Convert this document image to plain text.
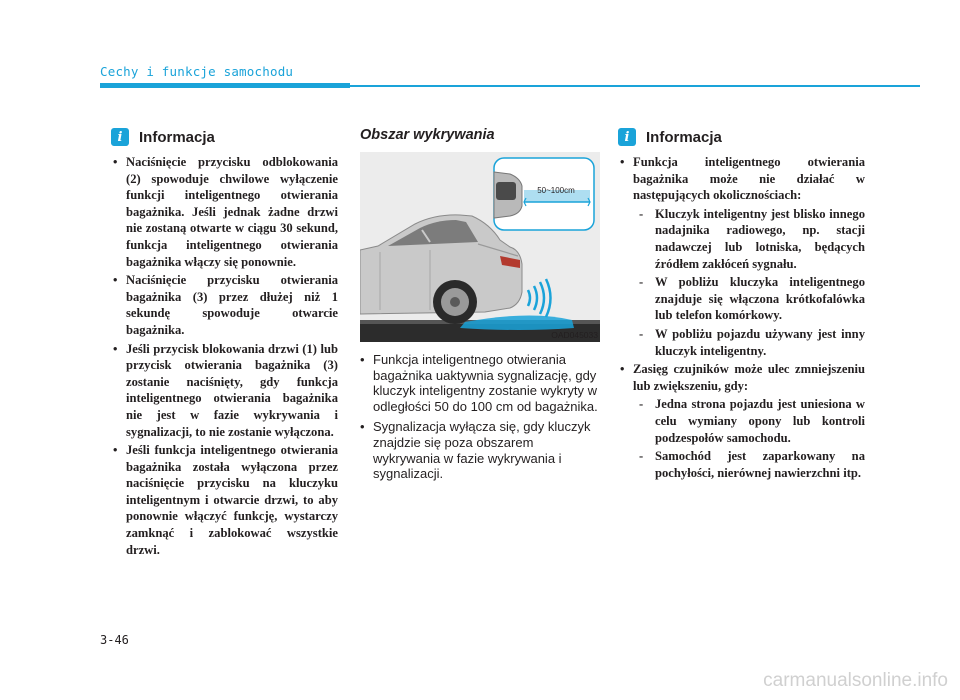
Cechy i funkcje samochodu
i	Informacja
• Naciśnięcie przycisku odblokowania (2) spowoduje chwilowe wyłączenie funkcji inteligentnego otwierania bagażnika. Jeśli jednak żadne drzwi nie zostaną otwarte w ciągu 30 sekund, funkcja inteligentnego otwierania bagażnika włączy się ponownie.
• Naciśnięcie przycisku otwierania bagażnika (3) przez dłużej niż 1 sekundę spowoduje otwarcie bagażnika.
• Jeśli przycisk blokowania drzwi (1) lub przycisk otwierania bagażnika (3) zostanie naciśnięty, gdy funkcja inteligentnego otwierania bagażnika nie jest w fazie wykrywania i sygnalizacji, to nie zostanie wyłączona.
• Jeśli funkcja inteligentnego otwierania bagażnika została wyłączona przez naciśnięcie przycisku na kluczyku inteligentnym i otwarcie drzwi, to aby ponownie włączyć funkcję, wystarczy zamknąć i zablokować wszystkie drzwi.
Obszar wykrywania
50~100cm
OAD045033
• Funkcja inteligentnego otwierania bagażnika uaktywnia sygnalizację, gdy kluczyk inteligentny zostanie wykryty w odległości 50 do 100 cm od bagażnika.
• Sygnalizacja wyłącza się, gdy kluczyk znajdzie się poza obszarem wykrywania w fazie wykrywania i sygnalizacji.
i	Informacja
• Funkcja inteligentnego otwierania bagażnika może nie działać w następujących okolicznościach:
- Kluczyk inteligentny jest blisko innego nadajnika radiowego, np. stacji nadawczej lub lotniska, będących źródłem zakłóceń sygnału.
- W pobliżu kluczyka inteligentnego znajduje się włączona krótkofalówka lub telefon komórkowy.
- W pobliżu pojazdu używany jest inny kluczyk inteligentny.
• Zasięg czujników może ulec zmniejszeniu lub zwiększeniu, gdy:
- Jedna strona pojazdu jest uniesiona w celu wymiany opony lub kontroli podzespołów samochodu.
- Samochód jest zaparkowany na pochyłości, nierównej nawierzchni itp.
3-46
carmanualsonline.info
